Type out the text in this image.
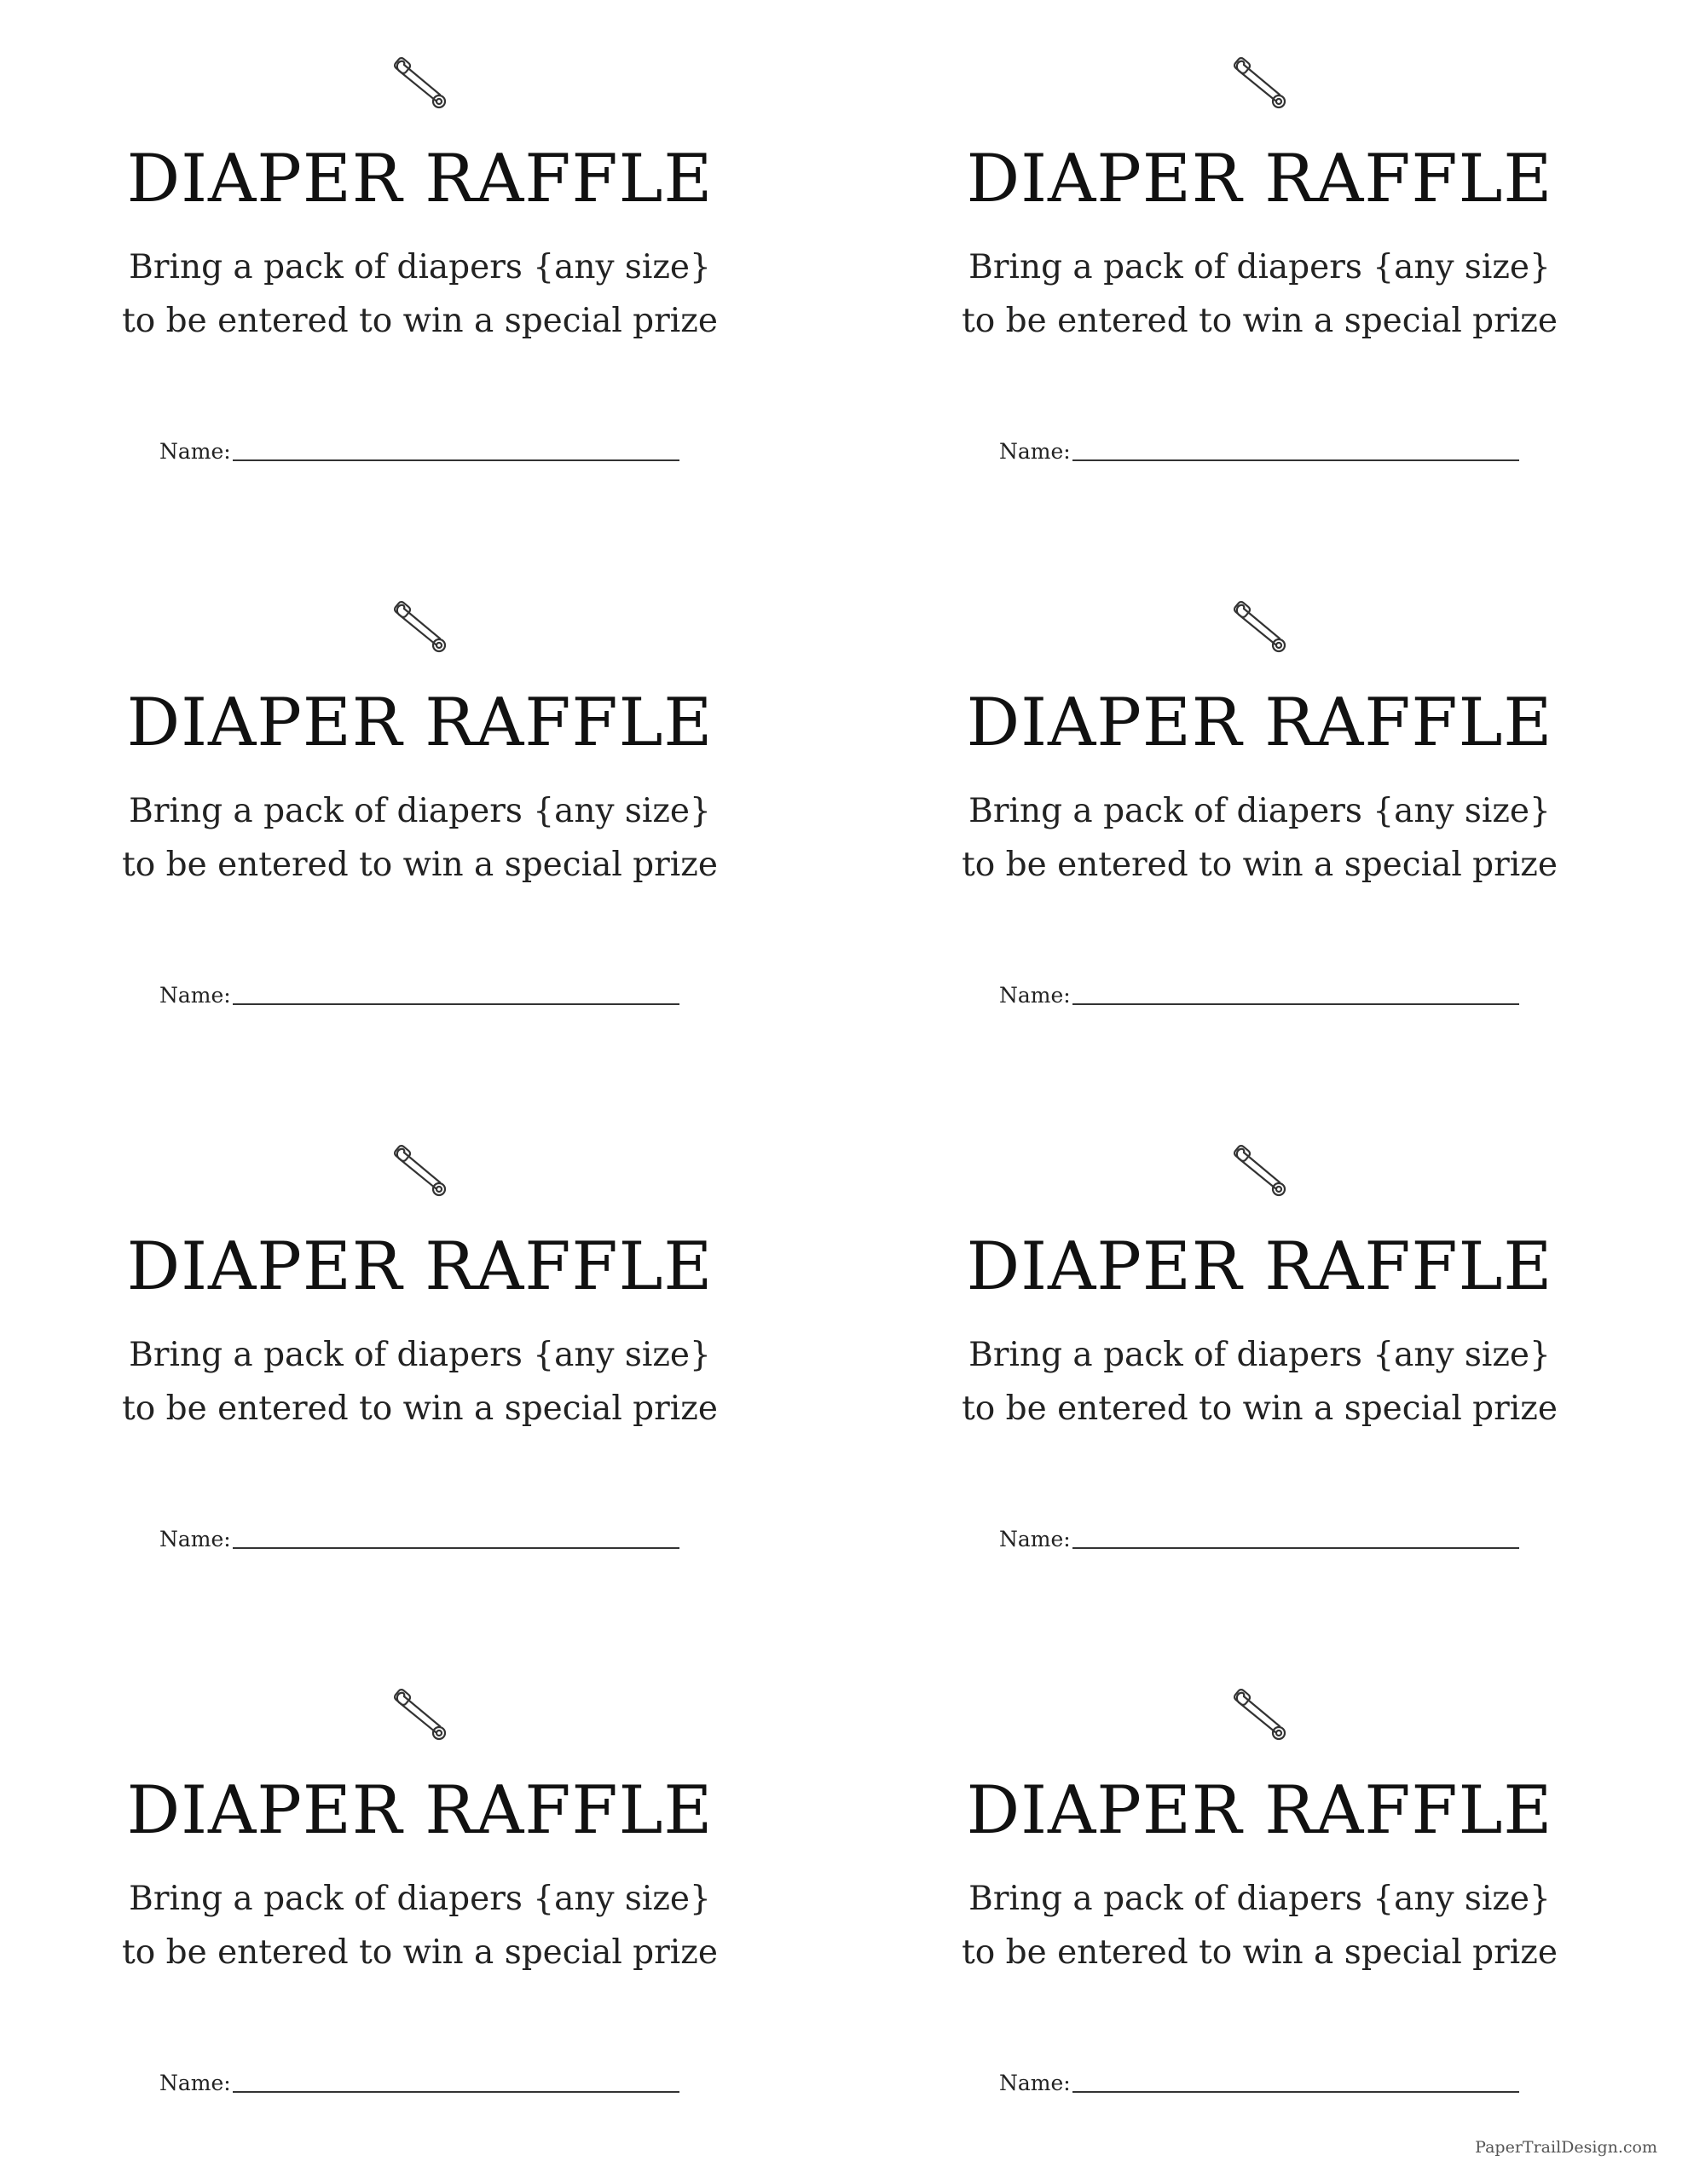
DIAPER RAFFLE
Bring a pack of diapers {any size}
to be entered to win a special prize
Name:
DIAPER RAFFLE
Bring a pack of diapers {any size}
to be entered to win a special prize
Name:
DIAPER RAFFLE
Bring a pack of diapers {any size}
to be entered to win a special prize
Name:
DIAPER RAFFLE
Bring a pack of diapers {any size}
to be entered to win a special prize
Name:
DIAPER RAFFLE
Bring a pack of diapers {any size}
to be entered to win a special prize
Name:
DIAPER RAFFLE
Bring a pack of diapers {any size}
to be entered to win a special prize
Name:
DIAPER RAFFLE
Bring a pack of diapers {any size}
to be entered to win a special prize
Name:
DIAPER RAFFLE
Bring a pack of diapers {any size}
to be entered to win a special prize
Name:
PaperTrailDesign.com
